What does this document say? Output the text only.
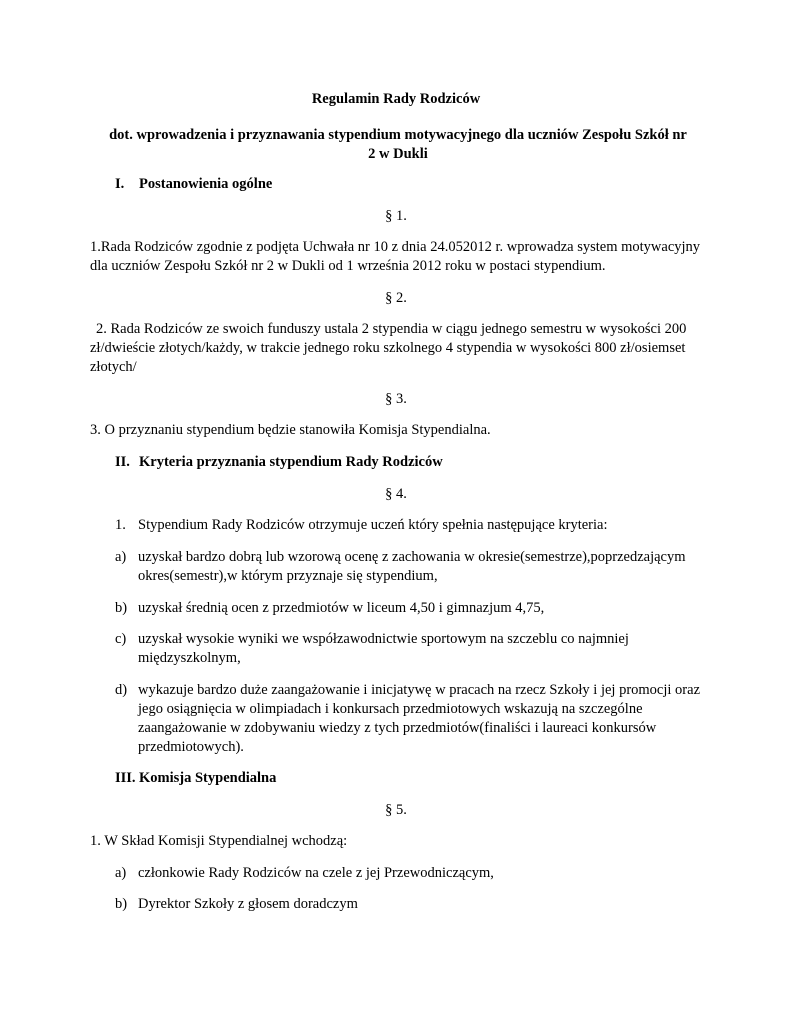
Regulamin Rady Rodziców
dot. wprowadzenia i przyznawania stypendium motywacyjnego dla uczniów Zespołu Szkół nr 2 w Dukli
I. Postanowienia ogólne
§ 1.
1.Rada Rodziców zgodnie z podjęta Uchwała nr 10 z dnia 24.052012 r. wprowadza system motywacyjny dla uczniów Zespołu Szkół nr 2 w Dukli od 1 września 2012 roku w postaci stypendium.
§ 2.
2. Rada Rodziców ze swoich funduszy ustala 2 stypendia w ciągu jednego semestru w wysokości 200 zł/dwieście złotych/każdy, w trakcie jednego roku szkolnego 4 stypendia w wysokości 800 zł/osiemset złotych/
§ 3.
3. O przyznaniu stypendium będzie stanowiła Komisja Stypendialna.
II. Kryteria przyznania stypendium Rady Rodziców
§ 4.
1. Stypendium Rady Rodziców otrzymuje uczeń który spełnia następujące kryteria:
a) uzyskał bardzo dobrą lub wzorową ocenę z zachowania w okresie(semestrze),poprzedzającym okres(semestr),w którym przyznaje się stypendium,
b) uzyskał średnią ocen z przedmiotów w liceum 4,50 i gimnazjum 4,75,
c) uzyskał wysokie wyniki we współzawodnictwie sportowym na szczeblu co najmniej międzyszkolnym,
d) wykazuje bardzo duże zaangażowanie i inicjatywę w pracach na rzecz Szkoły i jej promocji oraz jego osiągnięcia w olimpiadach i konkursach przedmiotowych wskazują na szczególne zaangażowanie w zdobywaniu wiedzy z tych przedmiotów(finaliści i laureaci konkursów przedmiotowych).
III. Komisja Stypendialna
§ 5.
1. W Skład Komisji Stypendialnej wchodzą:
a) członkowie Rady Rodziców na czele z jej Przewodniczącym,
b) Dyrektor Szkoły z głosem doradczym
